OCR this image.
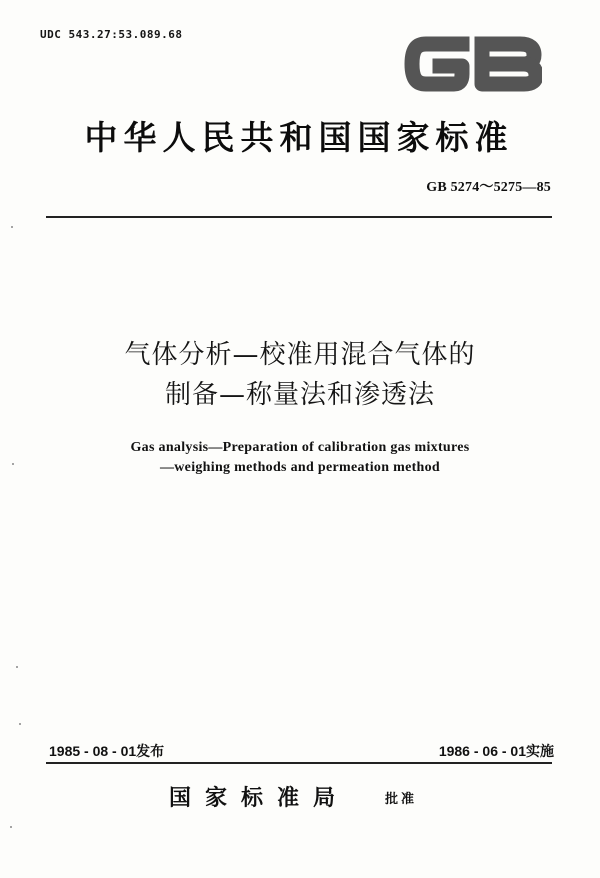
UDC 543.27:53.089.68
中华人民共和国国家标准
GB 5274～5275—85
气体分析—校准用混合气体的
制备—称量法和渗透法
Gas analysis—Preparation of calibration gas mixtures
—weighing methods and permeation method
1985 - 08 - 01发布	1986 - 06 - 01实施
国家标准局	批准
